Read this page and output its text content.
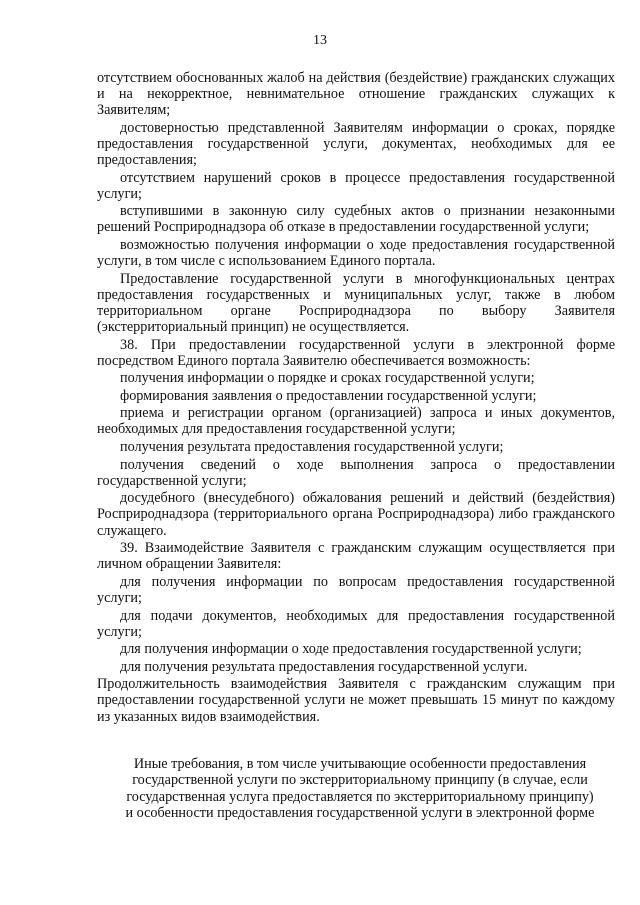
13

отсутствием обоснованных жалоб на действия (бездействие) гражданских служащих и на некорректное, невнимательное отношение гражданских служащих к Заявителям;

достоверностью представленной Заявителям информации о сроках, порядке предоставления государственной услуги, документах, необходимых для ее предоставления;

отсутствием нарушений сроков в процессе предоставления государственной услуги;

вступившими в законную силу судебных актов о признании незаконными решений Росприроднадзора об отказе в предоставлении государственной услуги;

возможностью получения информации о ходе предоставления государственной услуги, в том числе с использованием Единого портала.

Предоставление государственной услуги в многофункциональных центрах предоставления государственных и муниципальных услуг, также в любом территориальном органе Росприроднадзора по выбору Заявителя (экстерриториальный принцип) не осуществляется.

38. При предоставлении государственной услуги в электронной форме посредством Единого портала Заявителю обеспечивается возможность:

получения информации о порядке и сроках государственной услуги;

формирования заявления о предоставлении государственной услуги;

приема и регистрации органом (организацией) запроса и иных документов, необходимых для предоставления государственной услуги;

получения результата предоставления государственной услуги;

получения сведений о ходе выполнения запроса о предоставлении государственной услуги;

досудебного (внесудебного) обжалования решений и действий (бездействия) Росприроднадзора (территориального органа Росприроднадзора) либо гражданского служащего.

39. Взаимодействие Заявителя с гражданским служащим осуществляется при личном обращении Заявителя:

для получения информации по вопросам предоставления государственной услуги;

для подачи документов, необходимых для предоставления государственной услуги;

для получения информации о ходе предоставления государственной услуги;

для получения результата предоставления государственной услуги.

Продолжительность взаимодействия Заявителя с гражданским служащим при предоставлении государственной услуги не может превышать 15 минут по каждому из указанных видов взаимодействия.

Иные требования, в том числе учитывающие особенности предоставления государственной услуги по экстерриториальному принципу (в случае, если государственная услуга предоставляется по экстерриториальному принципу) и особенности предоставления государственной услуги в электронной форме
